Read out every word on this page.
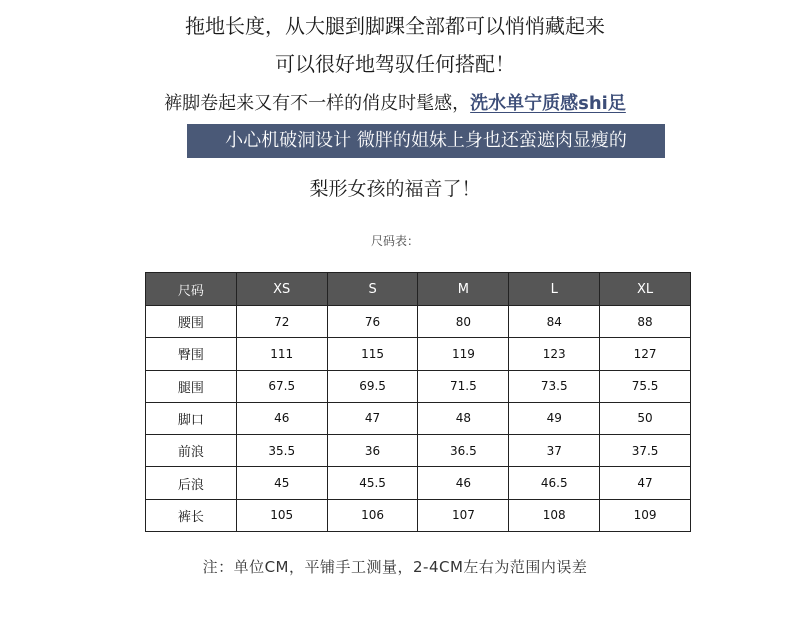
拖地长度，从大腿到脚踝全部都可以悄悄藏起来
可以很好地驾驭任何搭配！
裤脚卷起来又有不一样的俏皮时髦感，洗水单宁质感shi足
小心机破洞设计 微胖的姐妹上身也还蛮遮肉显瘦的
梨形女孩的福音了！
尺码表：
尺码	XS	S	M	L	XL
腰围	72	76	80	84	88
臀围	111	115	119	123	127
腿围	67.5	69.5	71.5	73.5	75.5
脚口	46	47	48	49	50
前浪	35.5	36	36.5	37	37.5
后浪	45	45.5	46	46.5	47
裤长	105	106	107	108	109
注：单位CM，平铺手工测量，2-4CM左右为范围内误差
